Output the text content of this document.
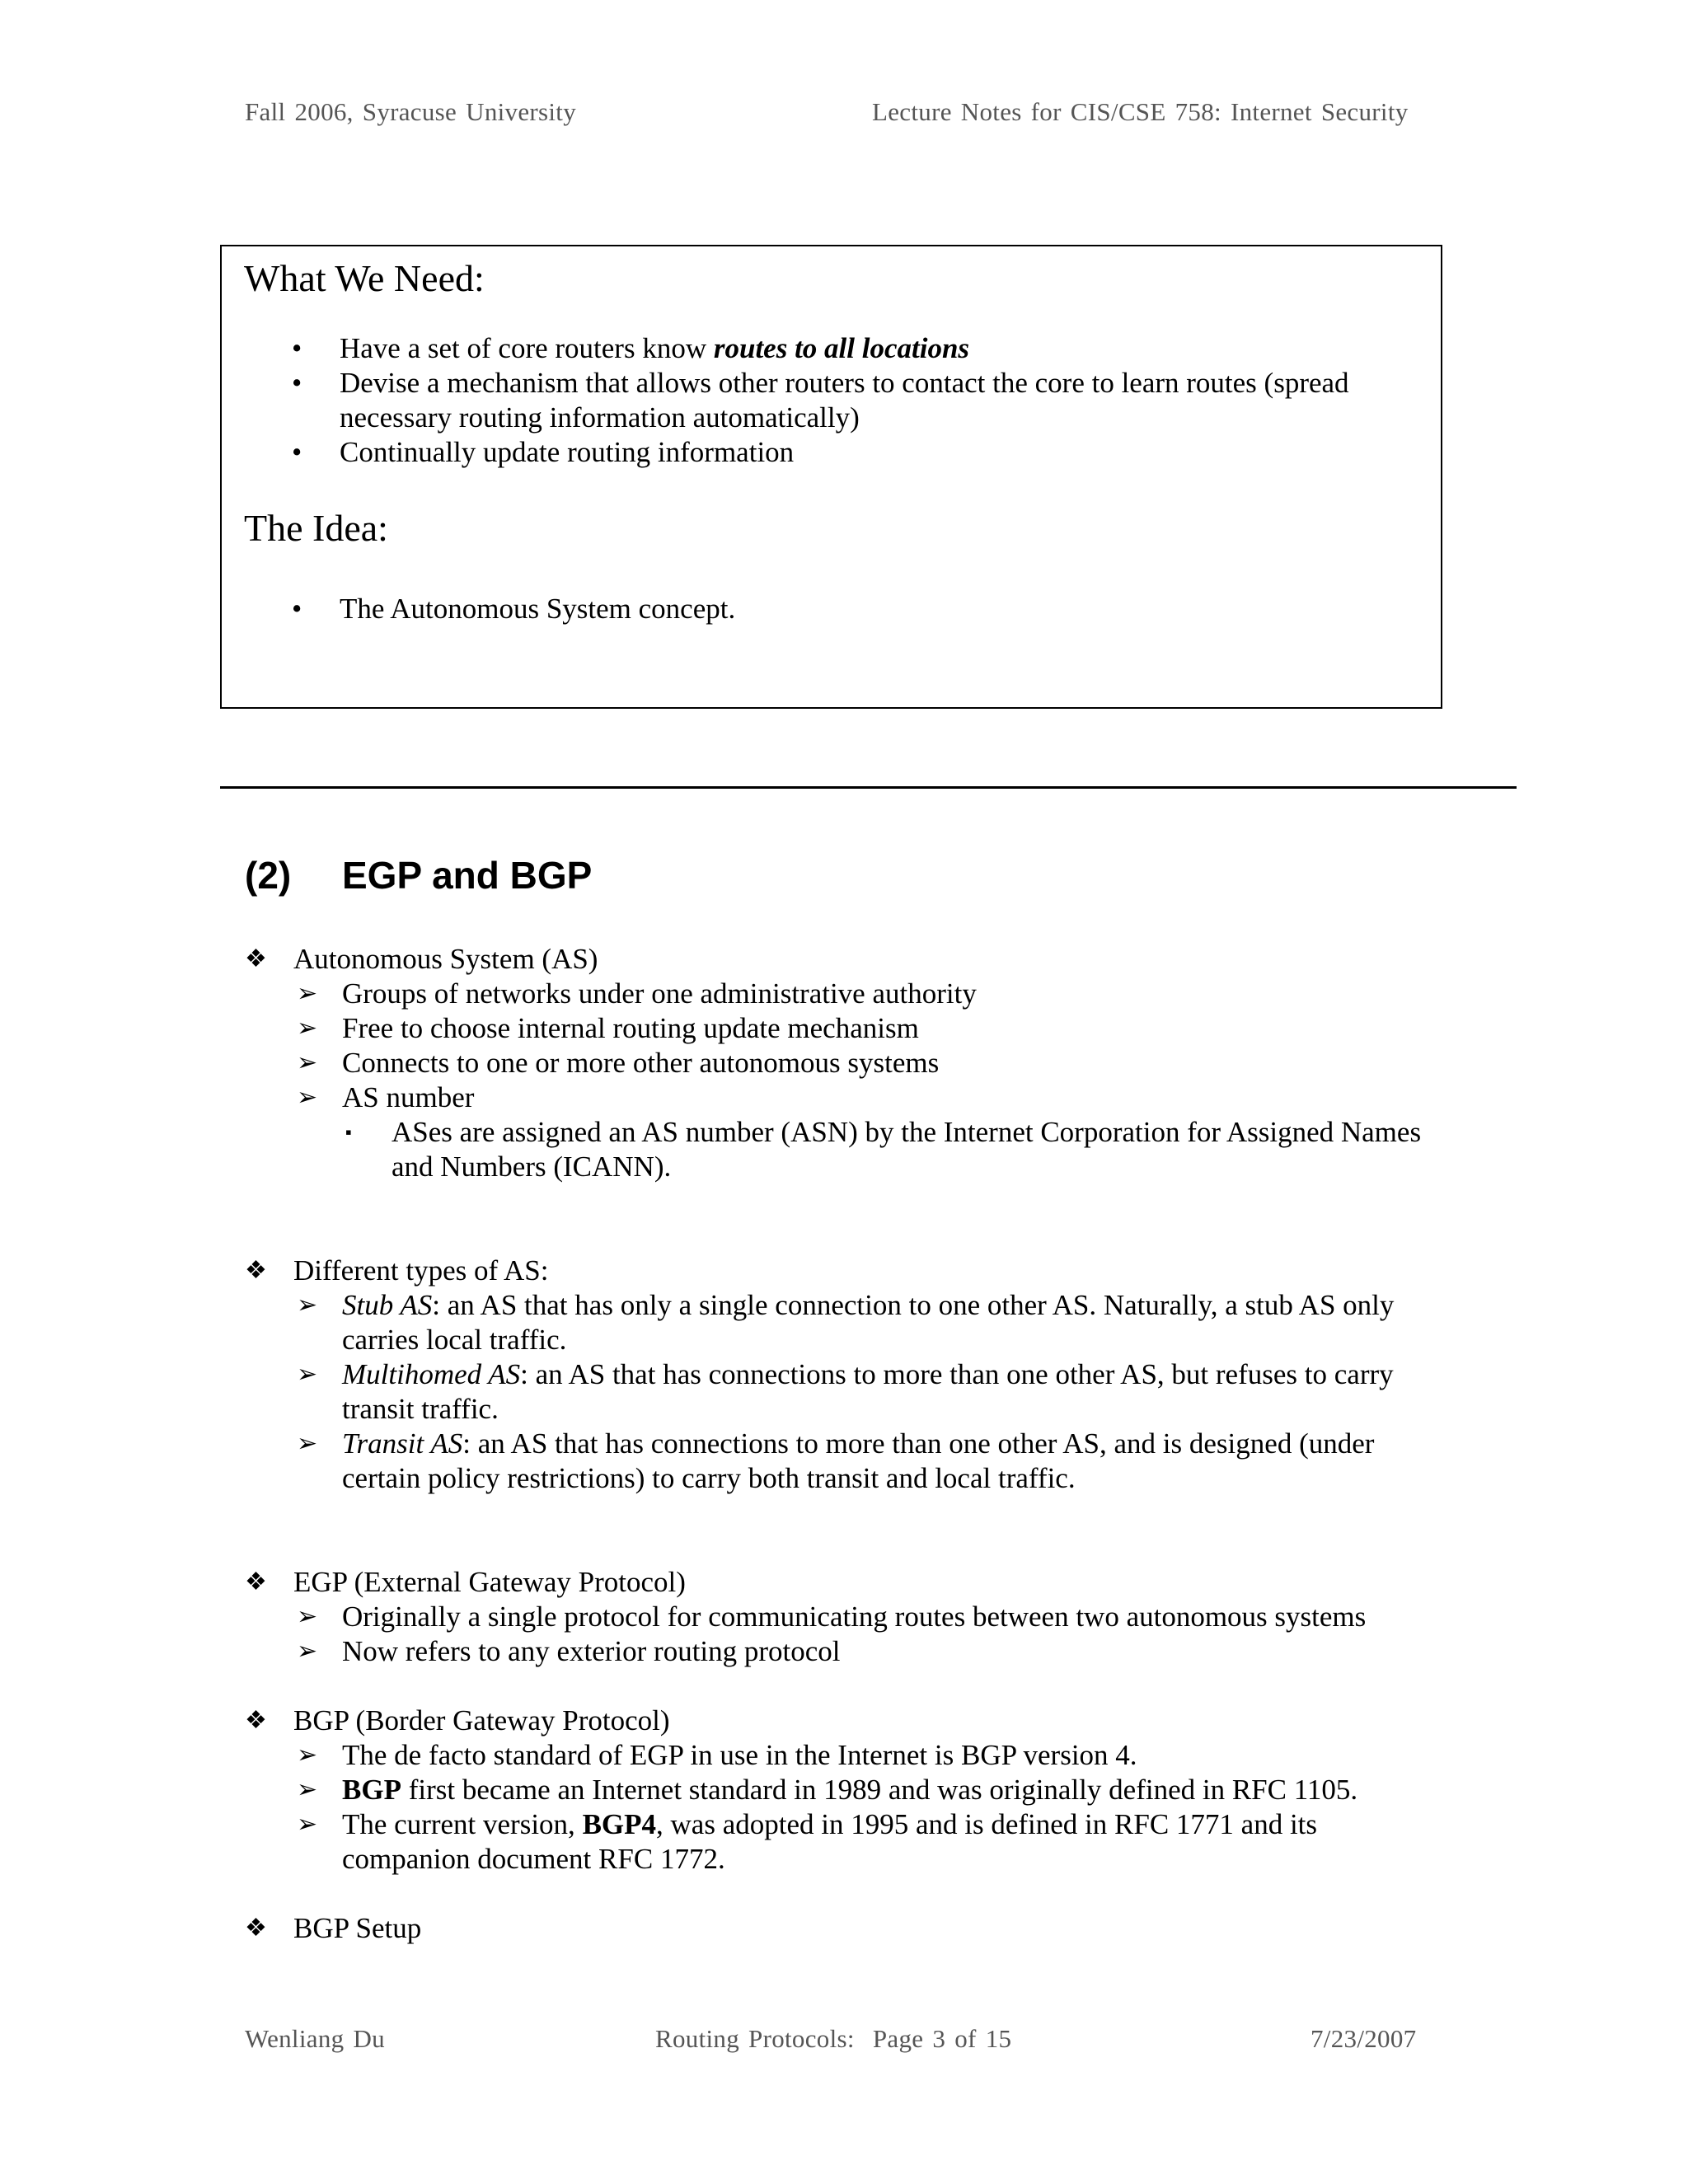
Fall 2006, Syracuse University	Lecture Notes for CIS/CSE 758: Internet Security
What We Need:
• Have a set of core routers know routes to all locations
• Devise a mechanism that allows other routers to contact the core to learn routes (spread necessary routing information automatically)
• Continually update routing information
The Idea:
• The Autonomous System concept.
(2) EGP and BGP
❖ Autonomous System (AS)
➢ Groups of networks under one administrative authority
➢ Free to choose internal routing update mechanism
➢ Connects to one or more other autonomous systems
➢ AS number
▪ ASes are assigned an AS number (ASN) by the Internet Corporation for Assigned Names and Numbers (ICANN).
❖ Different types of AS:
➢ Stub AS: an AS that has only a single connection to one other AS. Naturally, a stub AS only carries local traffic.
➢ Multihomed AS: an AS that has connections to more than one other AS, but refuses to carry transit traffic.
➢ Transit AS: an AS that has connections to more than one other AS, and is designed (under certain policy restrictions) to carry both transit and local traffic.
❖ EGP (External Gateway Protocol)
➢ Originally a single protocol for communicating routes between two autonomous systems
➢ Now refers to any exterior routing protocol
❖ BGP (Border Gateway Protocol)
➢ The de facto standard of EGP in use in the Internet is BGP version 4.
➢ BGP first became an Internet standard in 1989 and was originally defined in RFC 1105.
➢ The current version, BGP4, was adopted in 1995 and is defined in RFC 1771 and its companion document RFC 1772.
❖ BGP Setup
Wenliang Du	Routing Protocols:  Page 3 of 15	7/23/2007
